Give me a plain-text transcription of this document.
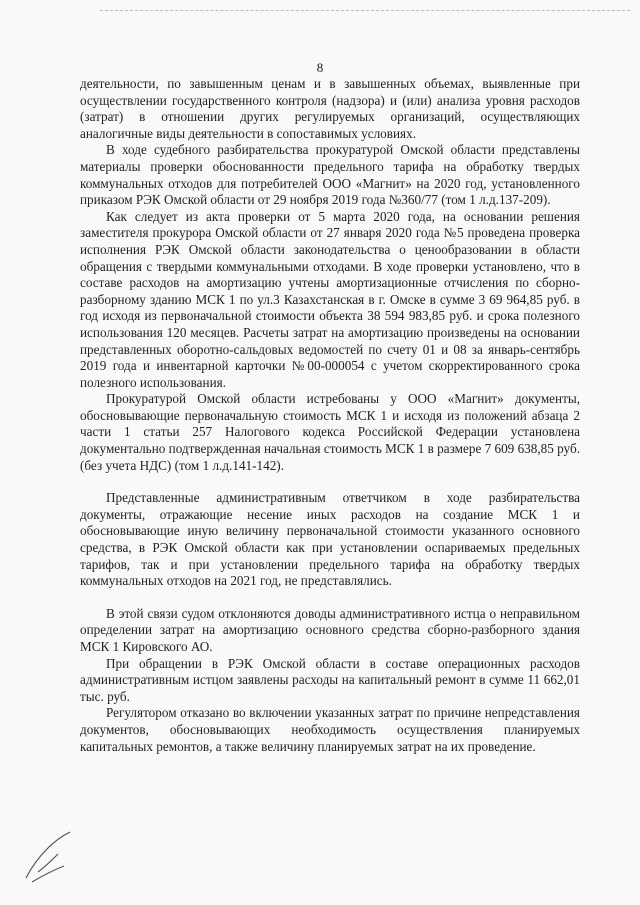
8

деятельности, по завышенным ценам и в завышенных объемах, выявленные при осуществлении государственного контроля (надзора) и (или) анализа уровня расходов (затрат) в отношении других регулируемых организаций, осуществляющих аналогичные виды деятельности в сопоставимых условиях.

В ходе судебного разбирательства прокуратурой Омской области представлены материалы проверки обоснованности предельного тарифа на обработку твердых коммунальных отходов для потребителей ООО «Магнит» на 2020 год, установленного приказом РЭК Омской области от 29 ноября 2019 года №360/77 (том 1 л.д.137-209).

Как следует из акта проверки от 5 марта 2020 года, на основании решения заместителя прокурора Омской области от 27 января 2020 года №5 проведена проверка исполнения РЭК Омской области законодательства о ценообразовании в области обращения с твердыми коммунальными отходами. В ходе проверки установлено, что в составе расходов на амортизацию учтены амортизационные отчисления по сборно-разборному зданию МСК 1 по ул.3 Казахстанская в г. Омске в сумме 3 69 964,85 руб. в год исходя из первоначальной стоимости объекта 38 594 983,85 руб. и срока полезного использования 120 месяцев. Расчеты затрат на амортизацию произведены на основании представленных оборотно-сальдовых ведомостей по счету 01 и 08 за январь-сентябрь 2019 года и инвентарной карточки №00-000054 с учетом скорректированного срока полезного использования.

Прокуратурой Омской области истребованы у ООО «Магнит» документы, обосновывающие первоначальную стоимость МСК 1 и исходя из положений абзаца 2 части 1 статьи 257 Налогового кодекса Российской Федерации установлена документально подтвержденная начальная стоимость МСК 1 в размере 7 609 638,85 руб. (без учета НДС) (том 1 л.д.141-142).

Представленные административным ответчиком в ходе разбирательства документы, отражающие несение иных расходов на создание МСК 1 и обосновывающие иную величину первоначальной стоимости указанного основного средства, в РЭК Омской области как при установлении оспариваемых предельных тарифов, так и при установлении предельного тарифа на обработку твердых коммунальных отходов на 2021 год, не представлялись.

В этой связи судом отклоняются доводы административного истца о неправильном определении затрат на амортизацию основного средства сборно-разборного здания МСК 1 Кировского АО.

При обращении в РЭК Омской области в составе операционных расходов административным истцом заявлены расходы на капитальный ремонт в сумме 11 662,01 тыс. руб.

Регулятором отказано во включении указанных затрат по причине непредставления документов, обосновывающих необходимость осуществления планируемых капитальных ремонтов, а также величину планируемых затрат на их проведение.
